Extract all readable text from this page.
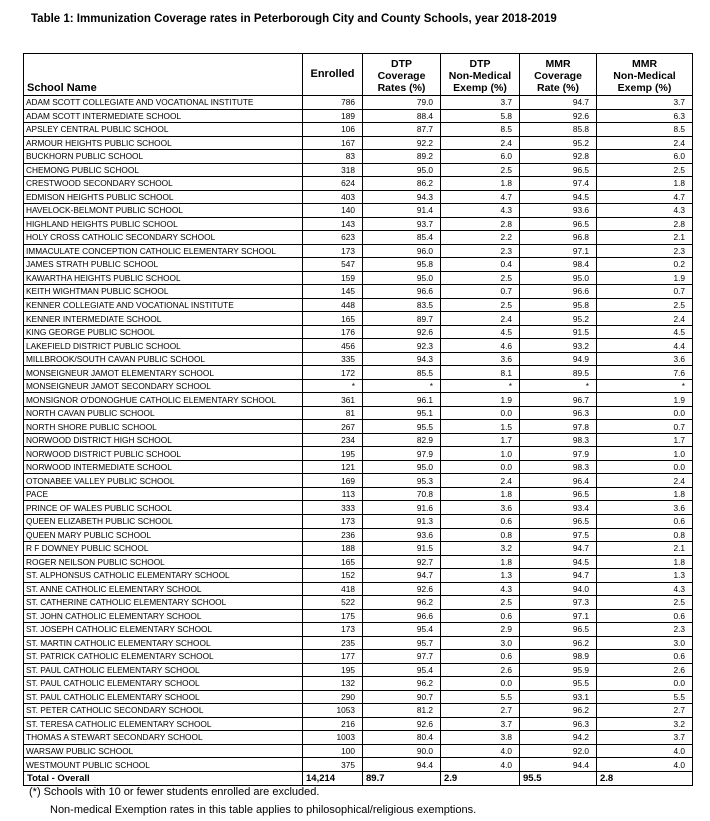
Table 1: Immunization Coverage rates in Peterborough City and County Schools, year 2018-2019
School Name	Enrolled	DTP
Coverage
Rates (%)	DTP
Non-Medical
Exemp (%)	MMR
Coverage
Rate (%)	MMR
Non-Medical
Exemp (%)
ADAM SCOTT COLLEGIATE AND VOCATIONAL INSTITUTE	786	79.0	3.7	94.7	3.7
ADAM SCOTT INTERMEDIATE SCHOOL	189	88.4	5.8	92.6	6.3
APSLEY CENTRAL PUBLIC SCHOOL	106	87.7	8.5	85.8	8.5
ARMOUR HEIGHTS PUBLIC SCHOOL	167	92.2	2.4	95.2	2.4
BUCKHORN PUBLIC SCHOOL	83	89.2	6.0	92.8	6.0
CHEMONG PUBLIC SCHOOL	318	95.0	2.5	96.5	2.5
CRESTWOOD SECONDARY SCHOOL	624	86.2	1.8	97.4	1.8
EDMISON HEIGHTS PUBLIC SCHOOL	403	94.3	4.7	94.5	4.7
HAVELOCK-BELMONT PUBLIC SCHOOL	140	91.4	4.3	93.6	4.3
HIGHLAND HEIGHTS PUBLIC SCHOOL	143	93.7	2.8	96.5	2.8
HOLY CROSS CATHOLIC SECONDARY SCHOOL	623	85.4	2.2	96.8	2.1
IMMACULATE CONCEPTION CATHOLIC ELEMENTARY SCHOOL	173	96.0	2.3	97.1	2.3
JAMES STRATH PUBLIC SCHOOL	547	95.8	0.4	98.4	0.2
KAWARTHA HEIGHTS PUBLIC SCHOOL	159	95.0	2.5	95.0	1.9
KEITH WIGHTMAN PUBLIC SCHOOL	145	96.6	0.7	96.6	0.7
KENNER COLLEGIATE AND VOCATIONAL INSTITUTE	448	83.5	2.5	95.8	2.5
KENNER INTERMEDIATE SCHOOL	165	89.7	2.4	95.2	2.4
KING GEORGE PUBLIC SCHOOL	176	92.6	4.5	91.5	4.5
LAKEFIELD DISTRICT PUBLIC SCHOOL	456	92.3	4.6	93.2	4.4
MILLBROOK/SOUTH CAVAN PUBLIC SCHOOL	335	94.3	3.6	94.9	3.6
MONSEIGNEUR JAMOT ELEMENTARY SCHOOL	172	85.5	8.1	89.5	7.6
MONSEIGNEUR JAMOT SECONDARY SCHOOL	*	*	*	*	*
MONSIGNOR O'DONOGHUE CATHOLIC ELEMENTARY SCHOOL	361	96.1	1.9	96.7	1.9
NORTH CAVAN PUBLIC SCHOOL	81	95.1	0.0	96.3	0.0
NORTH SHORE PUBLIC SCHOOL	267	95.5	1.5	97.8	0.7
NORWOOD DISTRICT HIGH SCHOOL	234	82.9	1.7	98.3	1.7
NORWOOD DISTRICT PUBLIC SCHOOL	195	97.9	1.0	97.9	1.0
NORWOOD INTERMEDIATE SCHOOL	121	95.0	0.0	98.3	0.0
OTONABEE VALLEY PUBLIC SCHOOL	169	95.3	2.4	96.4	2.4
PACE	113	70.8	1.8	96.5	1.8
PRINCE OF WALES PUBLIC SCHOOL	333	91.6	3.6	93.4	3.6
QUEEN ELIZABETH PUBLIC SCHOOL	173	91.3	0.6	96.5	0.6
QUEEN MARY PUBLIC SCHOOL	236	93.6	0.8	97.5	0.8
R F DOWNEY PUBLIC SCHOOL	188	91.5	3.2	94.7	2.1
ROGER NEILSON PUBLIC SCHOOL	165	92.7	1.8	94.5	1.8
ST. ALPHONSUS CATHOLIC ELEMENTARY SCHOOL	152	94.7	1.3	94.7	1.3
ST. ANNE CATHOLIC ELEMENTARY SCHOOL	418	92.6	4.3	94.0	4.3
ST. CATHERINE CATHOLIC ELEMENTARY SCHOOL	522	96.2	2.5	97.3	2.5
ST. JOHN CATHOLIC ELEMENTARY SCHOOL	175	96.6	0.6	97.1	0.6
ST. JOSEPH CATHOLIC ELEMENTARY SCHOOL	173	95.4	2.9	96.5	2.3
ST. MARTIN CATHOLIC ELEMENTARY SCHOOL	235	95.7	3.0	96.2	3.0
ST. PATRICK CATHOLIC ELEMENTARY SCHOOL	177	97.7	0.6	98.9	0.6
ST. PAUL CATHOLIC ELEMENTARY SCHOOL	195	95.4	2.6	95.9	2.6
ST. PAUL CATHOLIC ELEMENTARY SCHOOL	132	96.2	0.0	95.5	0.0
ST. PAUL CATHOLIC ELEMENTARY SCHOOL	290	90.7	5.5	93.1	5.5
ST. PETER CATHOLIC SECONDARY SCHOOL	1053	81.2	2.7	96.2	2.7
ST. TERESA CATHOLIC ELEMENTARY SCHOOL	216	92.6	3.7	96.3	3.2
THOMAS A STEWART SECONDARY SCHOOL	1003	80.4	3.8	94.2	3.7
WARSAW PUBLIC SCHOOL	100	90.0	4.0	92.0	4.0
WESTMOUNT PUBLIC SCHOOL	375	94.4	4.0	94.4	4.0
Total - Overall	14,214	89.7	2.9	95.5	2.8
(*) Schools with 10 or fewer students enrolled are excluded.
Non-medical Exemption rates in this table applies to philosophical/religious exemptions.
